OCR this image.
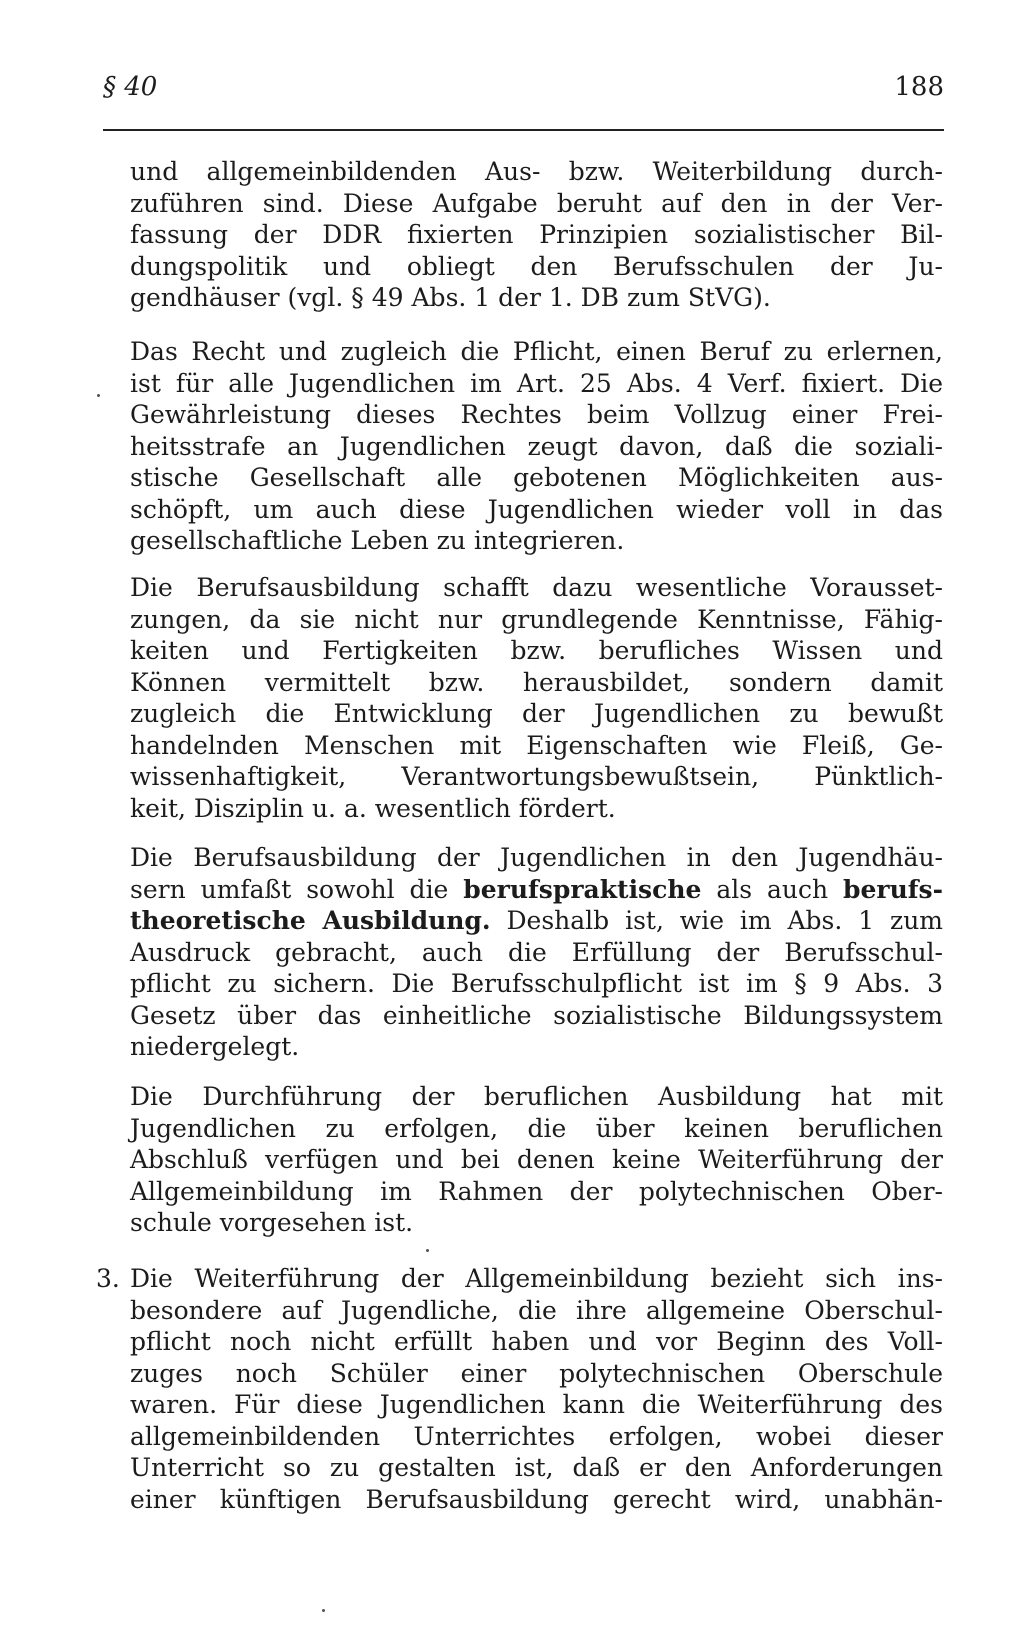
§ 40	188
und allgemeinbildenden Aus- bzw. Weiterbildung durch-
zuführen sind. Diese Aufgabe beruht auf den in der Ver-
fassung der DDR fixierten Prinzipien sozialistischer Bil-
dungspolitik und obliegt den Berufsschulen der Ju-
gendhäuser (vgl. § 49 Abs. 1 der 1. DB zum StVG).
Das Recht und zugleich die Pflicht, einen Beruf zu erlernen,
ist für alle Jugendlichen im Art. 25 Abs. 4 Verf. fixiert. Die
Gewährleistung dieses Rechtes beim Vollzug einer Frei-
heitsstrafe an Jugendlichen zeugt davon, daß die soziali-
stische Gesellschaft alle gebotenen Möglichkeiten aus-
schöpft, um auch diese Jugendlichen wieder voll in das
gesellschaftliche Leben zu integrieren.
Die Berufsausbildung schafft dazu wesentliche Vorausset-
zungen, da sie nicht nur grundlegende Kenntnisse, Fähig-
keiten und Fertigkeiten bzw. berufliches Wissen und
Können vermittelt bzw. herausbildet, sondern damit
zugleich die Entwicklung der Jugendlichen zu bewußt
handelnden Menschen mit Eigenschaften wie Fleiß, Ge-
wissenhaftigkeit, Verantwortungsbewußtsein, Pünktlich-
keit, Disziplin u. a. wesentlich fördert.
Die Berufsausbildung der Jugendlichen in den Jugendhäu-
sern umfaßt sowohl die berufspraktische als auch berufs-
theoretische Ausbildung. Deshalb ist, wie im Abs. 1 zum
Ausdruck gebracht, auch die Erfüllung der Berufsschul-
pflicht zu sichern. Die Berufsschulpflicht ist im § 9 Abs. 3
Gesetz über das einheitliche sozialistische Bildungssystem
niedergelegt.
Die Durchführung der beruflichen Ausbildung hat mit
Jugendlichen zu erfolgen, die über keinen beruflichen
Abschluß verfügen und bei denen keine Weiterführung der
Allgemeinbildung im Rahmen der polytechnischen Ober-
schule vorgesehen ist.
3. Die Weiterführung der Allgemeinbildung bezieht sich ins-
besondere auf Jugendliche, die ihre allgemeine Oberschul-
pflicht noch nicht erfüllt haben und vor Beginn des Voll-
zuges noch Schüler einer polytechnischen Oberschule
waren. Für diese Jugendlichen kann die Weiterführung des
allgemeinbildenden Unterrichtes erfolgen, wobei dieser
Unterricht so zu gestalten ist, daß er den Anforderungen
einer künftigen Berufsausbildung gerecht wird, unabhän-
